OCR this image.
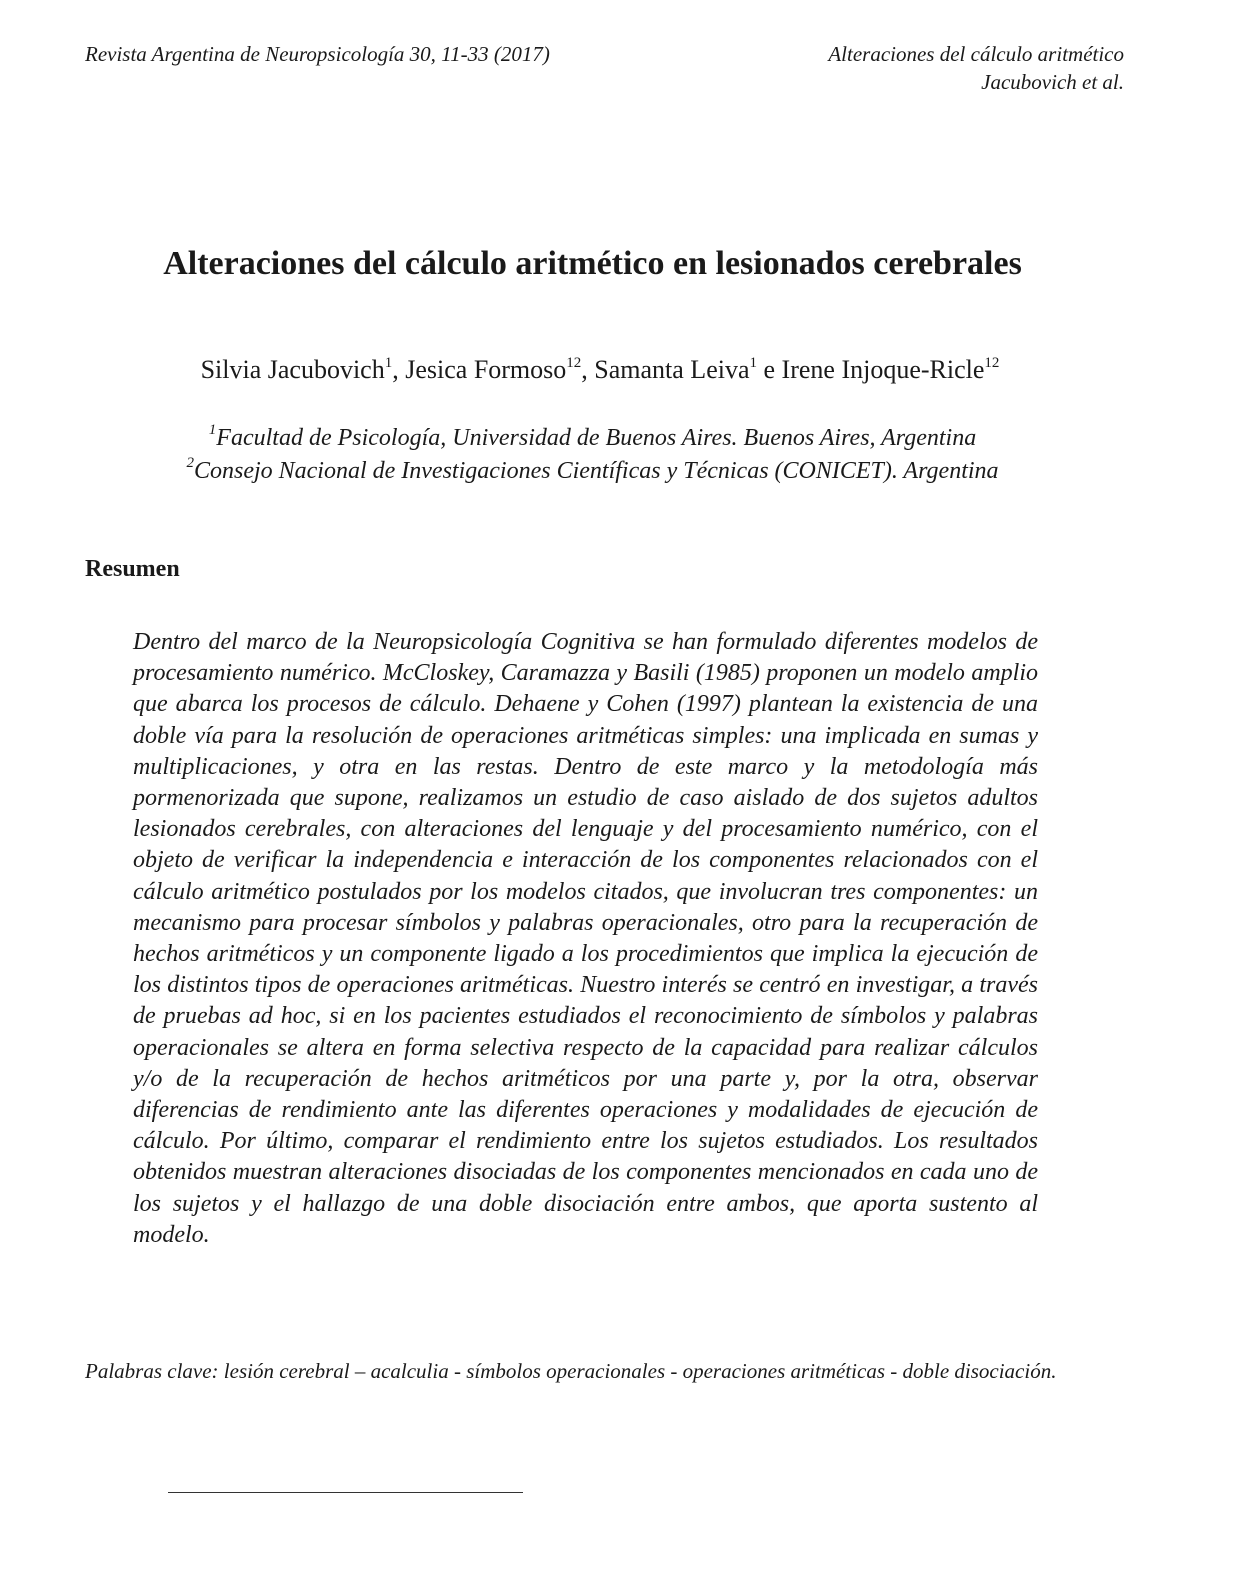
Revista Argentina de Neuropsicología 30, 11-33 (2017)	Alteraciones del cálculo aritmético
Jacubovich et al.
Alteraciones del cálculo aritmético en lesionados cerebrales
Silvia Jacubovich$^1$, Jesica Formoso$^{12}$, Samanta Leiva$^1$ e Irene Injoque-Ricle$^{12}$
$^1$Facultad de Psicología, Universidad de Buenos Aires. Buenos Aires, Argentina
$^2$Consejo Nacional de Investigaciones Científicas y Técnicas (CONICET). Argentina
Resumen

Dentro del marco de la Neuropsicología Cognitiva se han formulado diferentes modelos de procesamiento numérico. McCloskey, Caramazza y Basili (1985) proponen un modelo amplio que abarca los procesos de cálculo. Dehaene y Cohen (1997) plantean la existencia de una doble vía para la resolución de operaciones aritméticas simples: una implicada en sumas y multiplicaciones, y otra en las restas. Dentro de este marco y la metodología más pormenorizada que supone, realizamos un estudio de caso aislado de dos sujetos adultos lesionados cerebrales, con alteraciones del lenguaje y del procesamiento numérico, con el objeto de verificar la independencia e interacción de los componentes relacionados con el cálculo aritmético postulados por los modelos citados, que involucran tres componentes: un mecanismo para procesar símbolos y palabras operacionales, otro para la recuperación de hechos aritméticos y un componente ligado a los procedimientos que implica la ejecución de los distintos tipos de operaciones aritméticas. Nuestro interés se centró en investigar, a través de pruebas ad hoc, si en los pacientes estudiados el reconocimiento de símbolos y palabras operacionales se altera en forma selectiva respecto de la capacidad para realizar cálculos y/o de la recuperación de hechos aritméticos por una parte y, por la otra, observar diferencias de rendimiento ante las diferentes operaciones y modalidades de ejecución de cálculo. Por último, comparar el rendimiento entre los sujetos estudiados. Los resultados obtenidos muestran alteraciones disociadas de los componentes mencionados en cada uno de los sujetos y el hallazgo de una doble disociación entre ambos, que aporta sustento al modelo.

Palabras clave: lesión cerebral – acalculia - símbolos operacionales - operaciones aritméticas - doble disociación.
